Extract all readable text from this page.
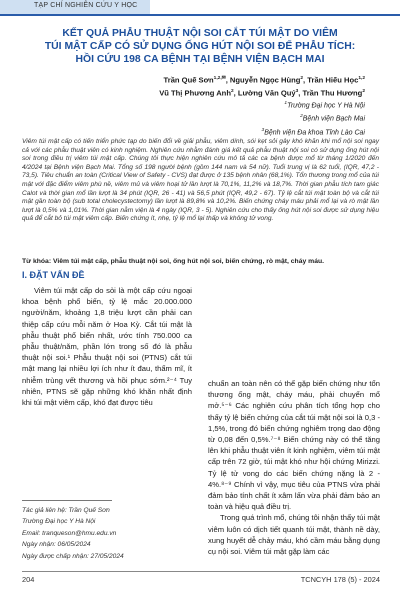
TẠP CHÍ NGHIÊN CỨU Y HỌC
KẾT QUẢ PHẪU THUẬT NỘI SOI CẮT TÚI MẬT DO VIÊM
TÚI MẬT CẤP CÓ SỬ DỤNG ỐNG HÚT NỘI SOI ĐỂ PHẪU TÍCH:
HỒI CỨU 198 CA BỆNH TẠI BỆNH VIỆN BẠCH MAI
Trần Quế Sơn$^{1,2,✉}$, Nguyễn Ngọc Hùng$^2$, Trần Hiếu Học$^{1,2}$
Vũ Thị Phương Anh$^2$, Lường Văn Quý$^3$, Trần Thu Hương$^2$
$^1$Trường Đại học Y Hà Nội
$^2$Bệnh viện Bạch Mai
$^3$Bệnh viện Đa khoa Tỉnh Lào Cai
Viêm túi mật cấp có tiến triển phức tạp do biến đổi về giải phẫu, viêm dính, sói kẹt sỏi gây khó khăn khi mổ nội soi ngay cả với các phẫu thuật viên có kinh nghiệm. Nghiên cứu nhằm đánh giá kết quả phẫu thuật nội soi có sử dụng ống hút nội soi trong điều trị viêm túi mật cấp. Chúng tôi thực hiện nghiên cứu mô tả các ca bệnh được mổ từ tháng 1/2020 đến 4/2024 tại Bệnh viện Bạch Mai. Tổng số 198 người bệnh (gồm 144 nam và 54 nữ). Tuổi trung vị là 62 tuổi, (IQR, 47,2 - 73,5). Tiêu chuẩn an toàn (Critical View of Safety - CVS) đạt được ở 135 bệnh nhân (68,1%). Tổn thương trong mổ của túi mật với đặc điểm viêm phù nề, viêm mủ và viêm hoại tử lần lượt là 70,1%, 11,2% và 18,7%. Thời gian phẫu tích tam giác Calot và thời gian mổ lần lượt là 34 phút (IQR, 26 - 41) và 56,5 phút (IQR, 49,2 - 67). Tỷ lệ cắt túi mật toàn bộ và cắt túi mật gần toàn bộ (sub total cholecystectomy) lần lượt là 89,8% và 10,2%. Biến chứng cháy máu phải mổ lại và rò mật lần lượt là 0,5% và 1,01%. Thời gian nằm viện là 4 ngày (IQR, 3 - 5). Nghiên cứu cho thấy ống hút nội soi được sử dụng hiệu quả để cắt bỏ túi mật viêm cấp. Biến chứng ít, nhẹ, tỷ lệ mổ lại thấp và không tử vong.
Từ khóa: Viêm túi mật cấp, phẫu thuật nội soi, ống hút nội soi, biến chứng, rò mật, cháy máu.
I. ĐẶT VẤN ĐỀ

Viêm túi mật cấp do sỏi là một cấp cứu ngoại khoa bệnh phổ biến, tỷ lệ mắc 20.000.000 người/năm, khoảng 1,8 triệu lượt cần phải can thiệp cấp cứu mỗi năm ở Hoa Kỳ. Cắt túi mật là phẫu thuật phổ biến nhất, ước tính 750.000 ca phẫu thuật/năm, phần lớn trong số đó là phẫu thuật nội soi.¹ Phẫu thuật nội soi (PTNS) cắt túi mật mang lại nhiều lợi ích như ít đau, thẩm mĩ, ít nhiễm trùng vết thương và hồi phục sớm.²⁻⁴ Tuy nhiên, PTNS sẽ gặp những khó khăn nhất định khi túi mật viêm cấp, khó đạt được tiêu

chuẩn an toàn nên có thể gặp biến chứng như tổn thương ống mật, cháy máu, phải chuyển mổ mở.⁵⁻⁶ Các nghiên cứu phân tích tổng hợp cho thấy tỷ lệ biến chứng của cắt túi mật nội soi là 0,3 - 1,5%, trong đó biến chứng nghiêm trọng dao động từ 0,08 đến 0,5%.⁷⁻⁸ Biến chứng này có thể tăng lên khi phẫu thuật viên ít kinh nghiệm, viêm túi mật cấp trên 72 giờ, túi mật khó như hội chứng Mirizzi. Tỷ lệ tử vong do các biến chứng nặng là 2 - 4%.⁸⁻⁹ Chính vì vậy, mục tiêu của PTNS vừa phải đảm bảo tính chất ít xâm lấn vừa phải đảm bảo an toàn và hiệu quả điều trị.

Trong quá trình mổ, chúng tôi nhận thấy túi mật viêm luôn có dịch tiết quanh túi mật, thành nề dày, xung huyết dễ chảy máu, khó cầm máu bằng dụng cụ nội soi. Viêm túi mật gặp làm các

Tác giả liên hệ: Trần Quế Sơn
Trường Đại học Y Hà Nội
Email: tranqueson@hmu.edu.vn
Ngày nhận: 06/05/2024
Ngày được chấp nhận: 27/05/2024
204	TCNCYH 178 (5) - 2024
